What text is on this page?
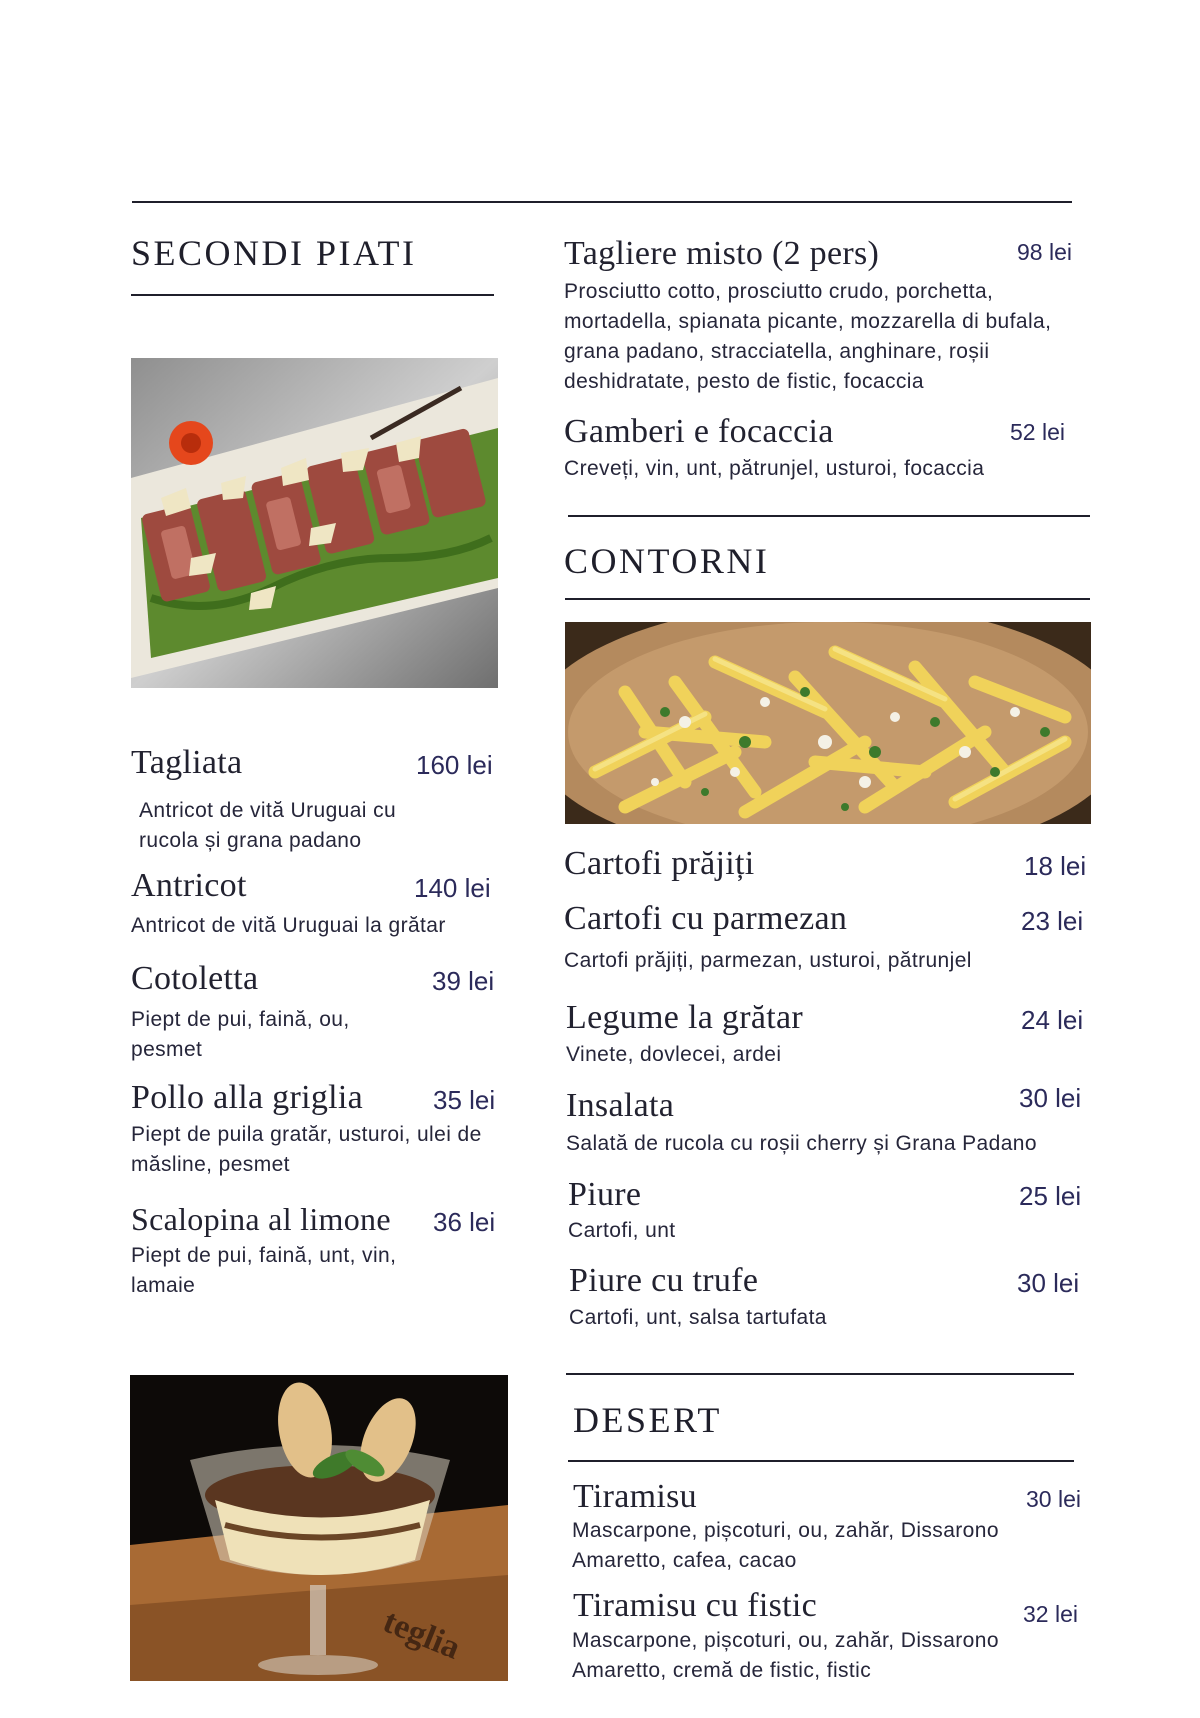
SECONDI PIATI
Tagliata	160 lei
Antricot de vită Uruguai cu rucola și grana padano
Antricot	140 lei
Antricot de vită Uruguai la grătar
Cotoletta	39 lei
Piept de pui, faină, ou, pesmet
Pollo alla griglia	35 lei
Piept de puila gratăr, usturoi, ulei de măsline, pesmet
Scalopina al limone 36 lei
Piept de pui, faină, unt, vin, lamaie
teglia
Tagliere misto (2 pers)	98 lei
Prosciutto cotto, prosciutto crudo, porchetta, mortadella, spianata picante, mozzarella di bufala, grana padano, stracciatella, anghinare, roșii deshidratate, pesto de fistic, focaccia
Gamberi e focaccia	52 lei
Creveți, vin, unt, pătrunjel, usturoi, focaccia
CONTORNI
Cartofi prăjiți	18 lei
Cartofi cu parmezan	23 lei
Cartofi prăjiți, parmezan, usturoi, pătrunjel
Legume la grătar	24 lei
Vinete, dovlecei, ardei
Insalata	30 lei
Salată de rucola cu roșii cherry și Grana Padano
Piure	25 lei
Cartofi, unt
Piure cu trufe	30 lei
Cartofi, unt, salsa tartufata
DESERT
Tiramisu	30 lei
Mascarpone, pișcoturi, ou, zahăr, Dissarono Amaretto, cafea, cacao
Tiramisu cu fistic	32 lei
Mascarpone, pișcoturi, ou, zahăr, Dissarono Amaretto, cremă de fistic, fistic
